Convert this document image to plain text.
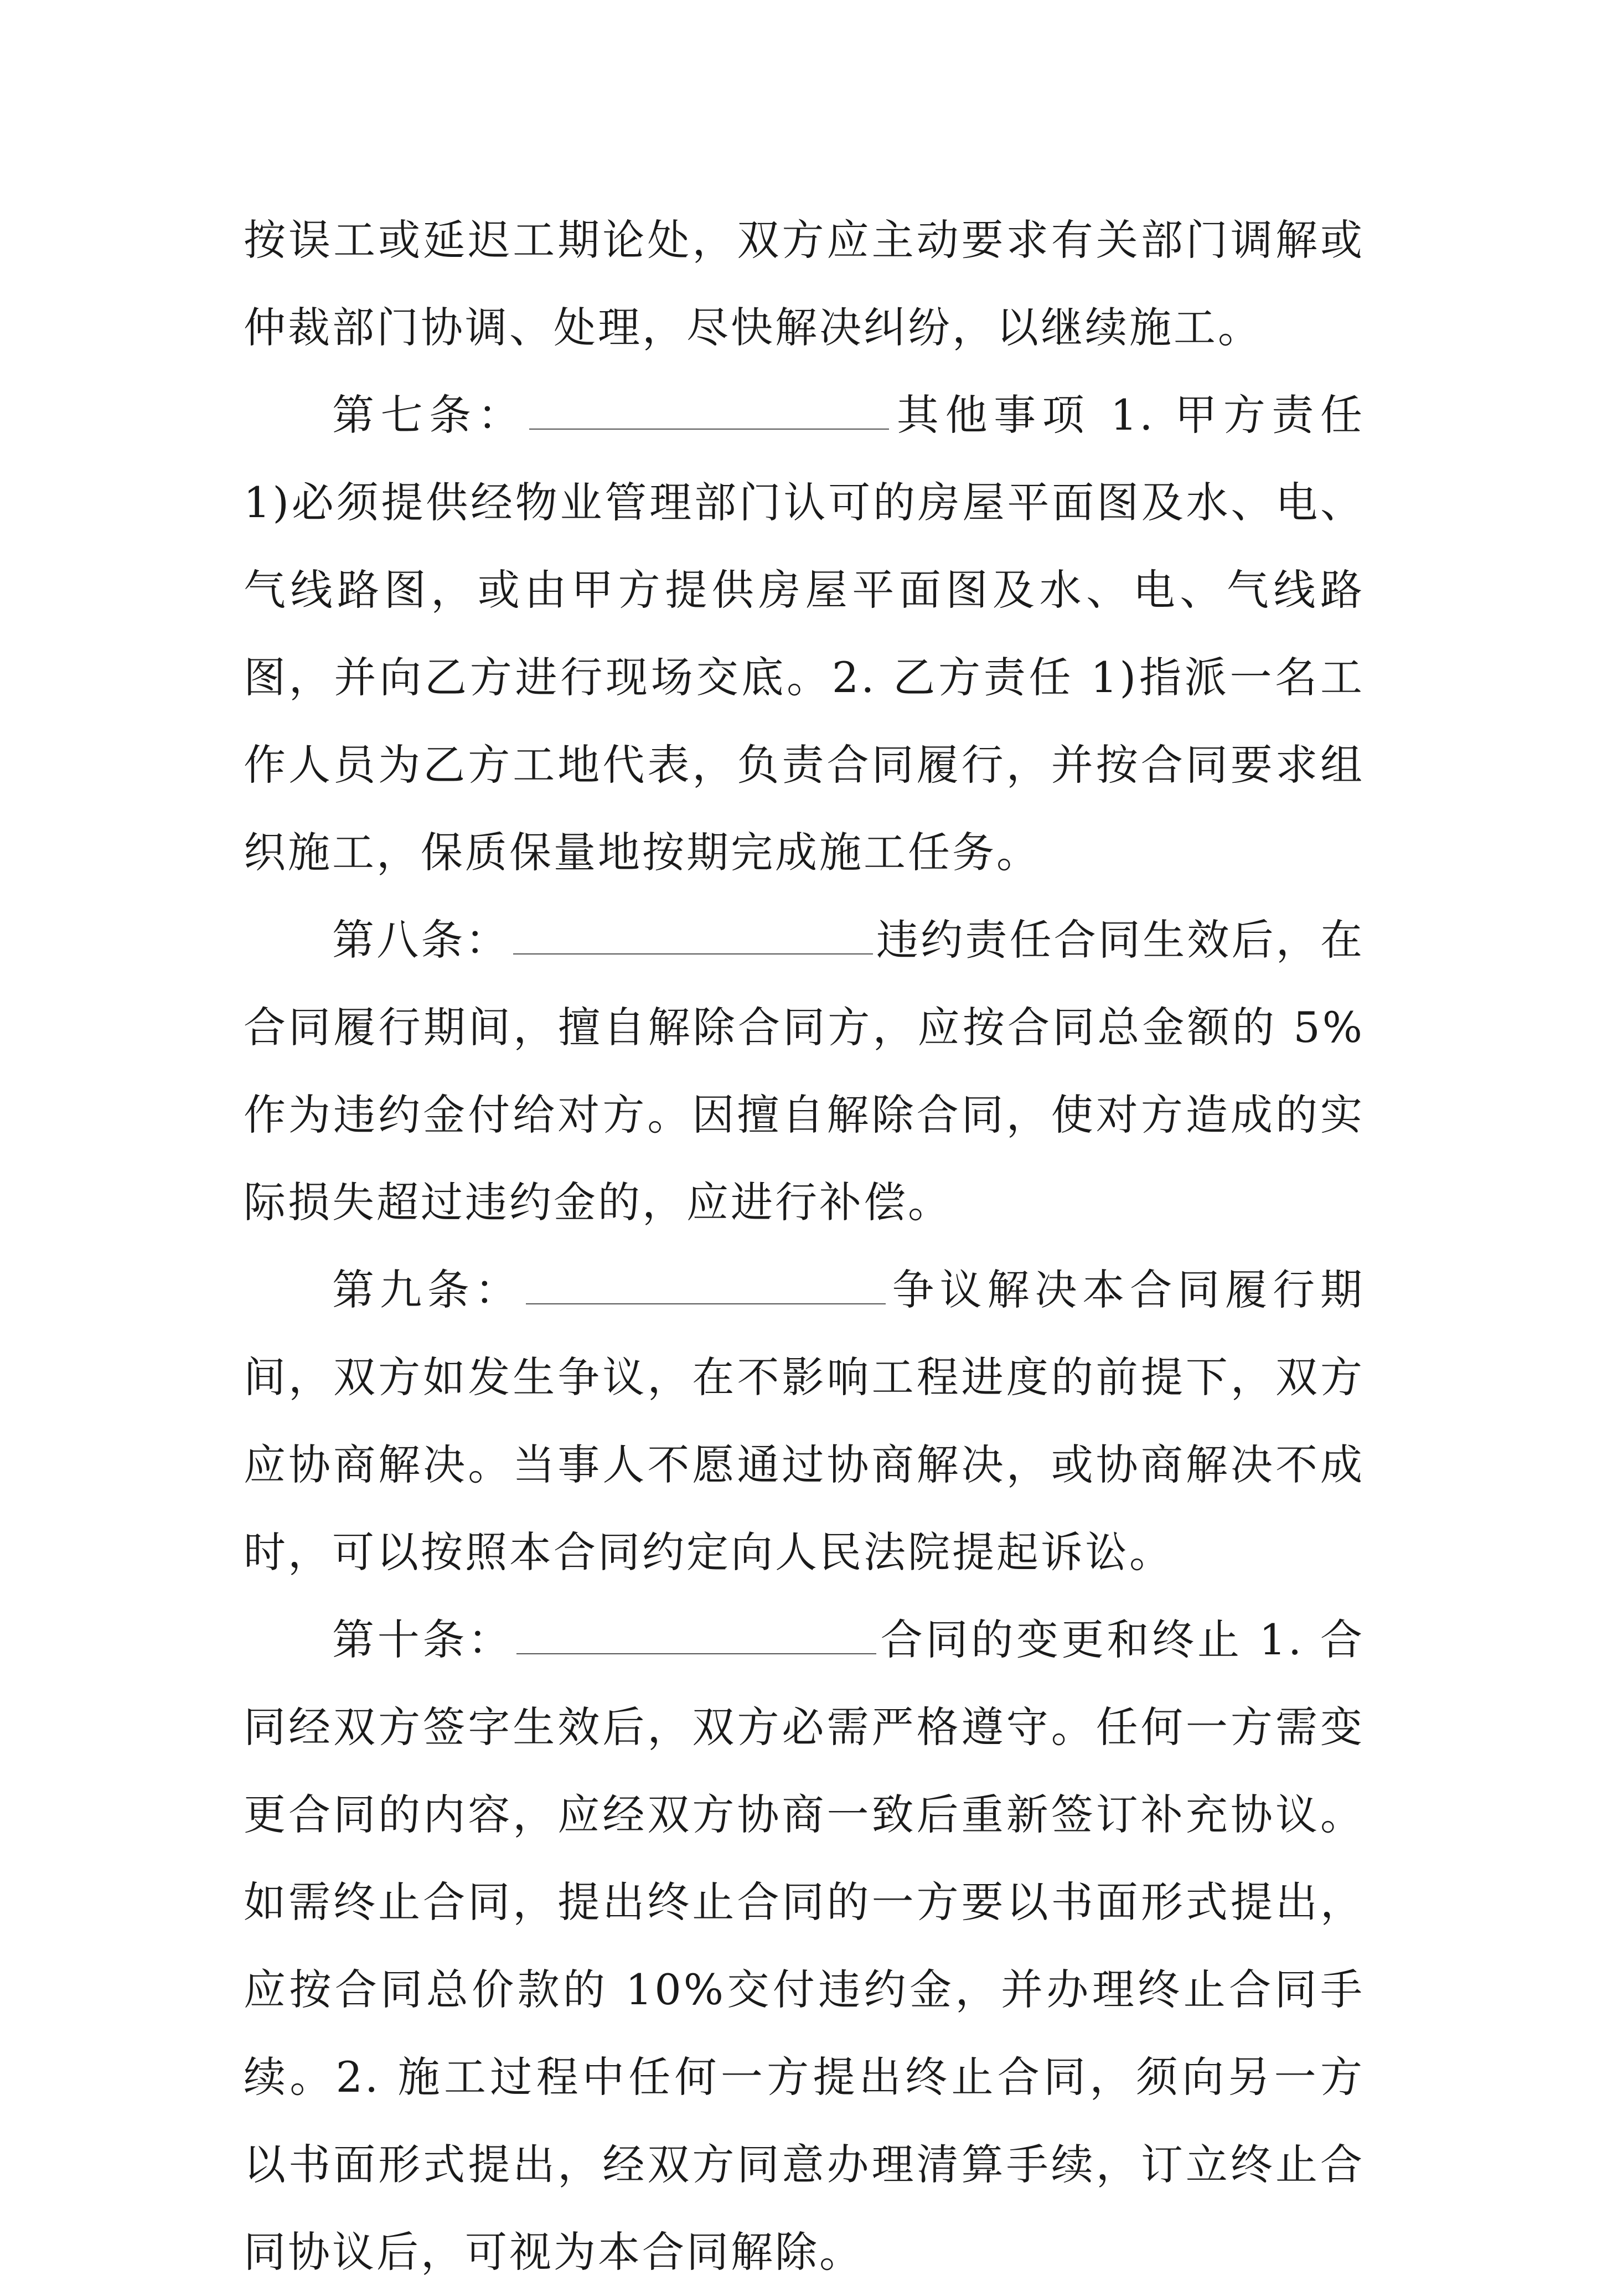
按误工或延迟工期论处，双方应主动要求有关部门调解或仲裁部门协调、处理，尽快解决纠纷，以继续施工。

第七条：	其他事项 1. 甲方责任 1)必须提供经物业管理部门认可的房屋平面图及水、电、气线路图，或由甲方提供房屋平面图及水、电、气线路图，并向乙方进行现场交底。2. 乙方责任 1)指派一名工作人员为乙方工地代表，负责合同履行，并按合同要求组织施工，保质保量地按期完成施工任务。

第八条：	违约责任合同生效后，在合同履行期间，擅自解除合同方，应按合同总金额的 5%作为违约金付给对方。因擅自解除合同，使对方造成的实际损失超过违约金的，应进行补偿。

第九条：	争议解决本合同履行期间，双方如发生争议，在不影响工程进度的前提下，双方应协商解决。当事人不愿通过协商解决，或协商解决不成时，可以按照本合同约定向人民法院提起诉讼。

第十条：	合同的变更和终止 1. 合同经双方签字生效后，双方必需严格遵守。任何一方需变更合同的内容，应经双方协商一致后重新签订补充协议。如需终止合同，提出终止合同的一方要以书面形式提出，应按合同总价款的 10%交付违约金，并办理终止合同手续。2. 施工过程中任何一方提出终止合同，须向另一方以书面形式提出，经双方同意办理清算手续，订立终止合同协议后，可视为本合同解除。
